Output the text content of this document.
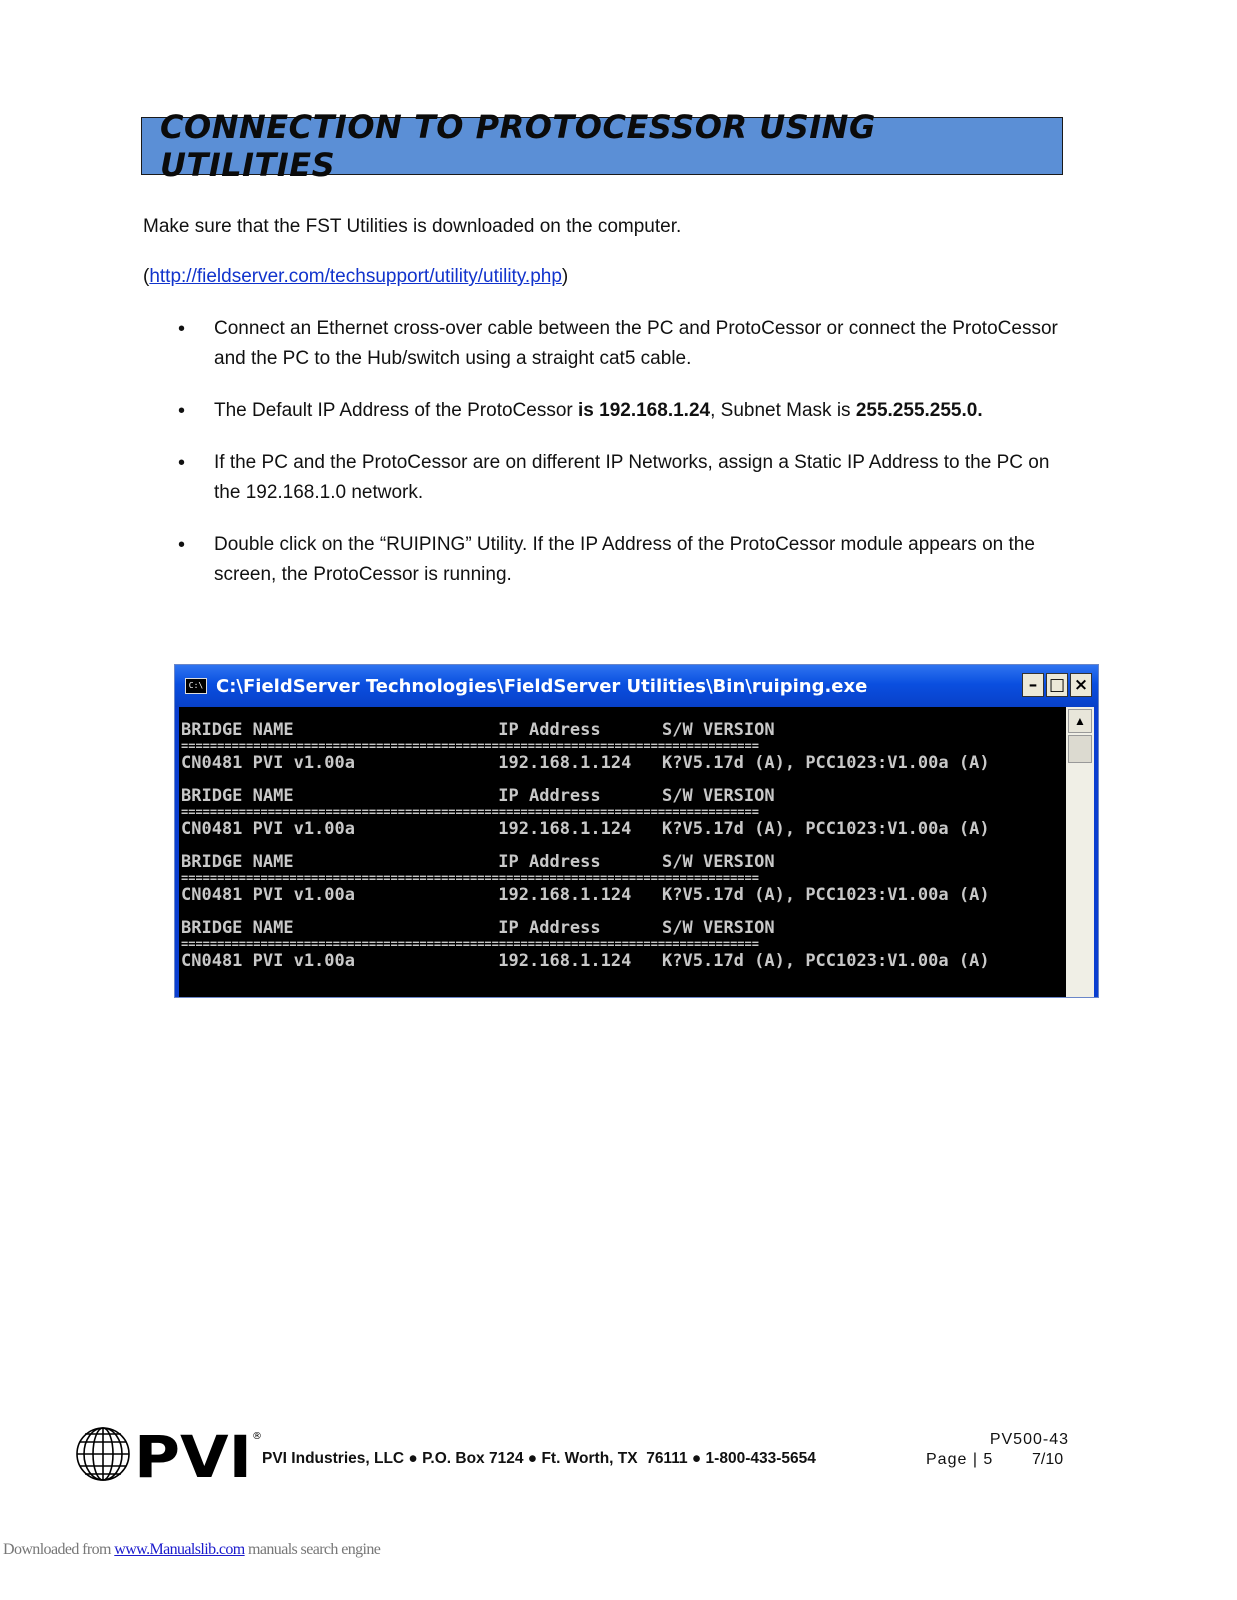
CONNECTION TO PROTOCESSOR USING UTILITIES

Make sure that the FST Utilities is downloaded on the computer.

(http://fieldserver.com/techsupport/utility/utility.php)

• Connect an Ethernet cross-over cable between the PC and ProtoCessor or connect the ProtoCessor and the PC to the Hub/switch using a straight cat5 cable.
• The Default IP Address of the ProtoCessor is 192.168.1.24, Subnet Mask is 255.255.255.0.
• If the PC and the ProtoCessor are on different IP Networks, assign a Static IP Address to the PC on the 192.168.1.0 network.
• Double click on the “RUIPING” Utility. If the IP Address of the ProtoCessor module appears on the screen, the ProtoCessor is running.
C:\ C:\FieldServer Technologies\FieldServer Utilities\Bin\ruiping.exe	– □ ×
BRIDGE NAME                    IP Address      S/W VERSION
================================================================================
CN0481 PVI v1.00a              192.168.1.124   K?V5.17d (A), PCC1023:V1.00a (A)
BRIDGE NAME                    IP Address      S/W VERSION
================================================================================
CN0481 PVI v1.00a              192.168.1.124   K?V5.17d (A), PCC1023:V1.00a (A)
BRIDGE NAME                    IP Address      S/W VERSION
================================================================================
CN0481 PVI v1.00a              192.168.1.124   K?V5.17d (A), PCC1023:V1.00a (A)
BRIDGE NAME                    IP Address      S/W VERSION
================================================================================
CN0481 PVI v1.00a              192.168.1.124   K?V5.17d (A), PCC1023:V1.00a (A)
▲
PVI ®
PVI Industries, LLC ● P.O. Box 7124 ● Ft. Worth, TX  76111 ● 1-800-433-5654
PV500-43
Page | 5 7/10
Downloaded from www.Manualslib.com manuals search engine
